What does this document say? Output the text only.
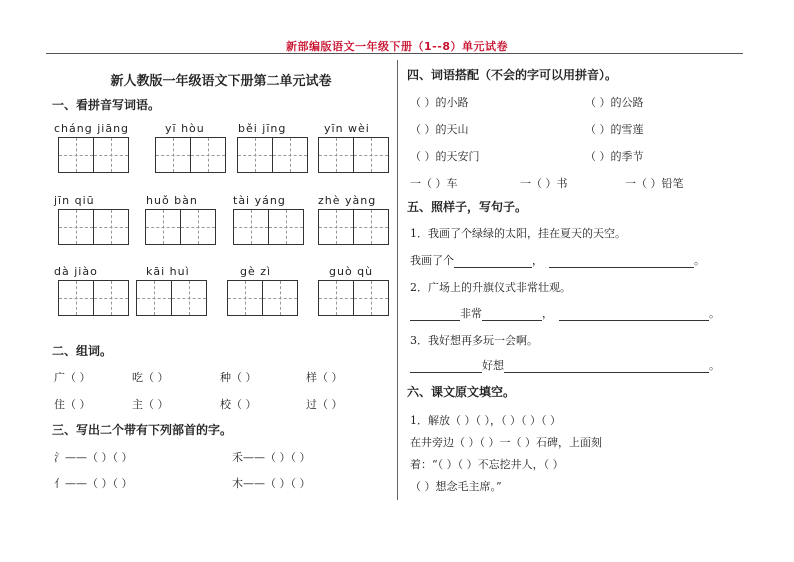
新部编版语文一年级下册（1--8）单元试卷
新人教版一年级语文下册第二单元试卷
一、看拼音写词语。
cháng jiāng	yī hòu	běi jīng	yīn wèi
jīn qiū	huǒ bàn	tài yáng	zhè yàng
dà jiào	kāi huì	gè zì	guò qù
二、组词。
广（ ）	吃（ ）	种（ ）	样（ ）
住（ ）	主（ ）	校（ ）	过（ ）
三、写出二个带有下列部首的字。
氵——（ ）（ ）	禾——（ ）（ ）
亻——（ ）（ ）	木——（ ）（ ）
四、词语搭配（不会的字可以用拼音）。
（ ）的小路	（ ）的公路
（ ）的天山	（ ）的雪莲
（ ）的天安门	（ ）的季节
一（ ）车	一（ ）书	一（ ）铅笔
五、照样子，写句子。
1．我画了个绿绿的太阳，挂在夏天的天空。
我画了个	，	。
2．广场上的升旗仪式非常壮观。
非常	，	。
3．我好想再多玩一会啊。
好想	。
六、课文原文填空。
1．解放（ ）（ ），（ ）（ ）（ ）
在井旁边（ ）（ ）一（ ）石碑，上面刻
着：“（ ）（ ）不忘挖井人，（ ）
（ ）想念毛主席。”
